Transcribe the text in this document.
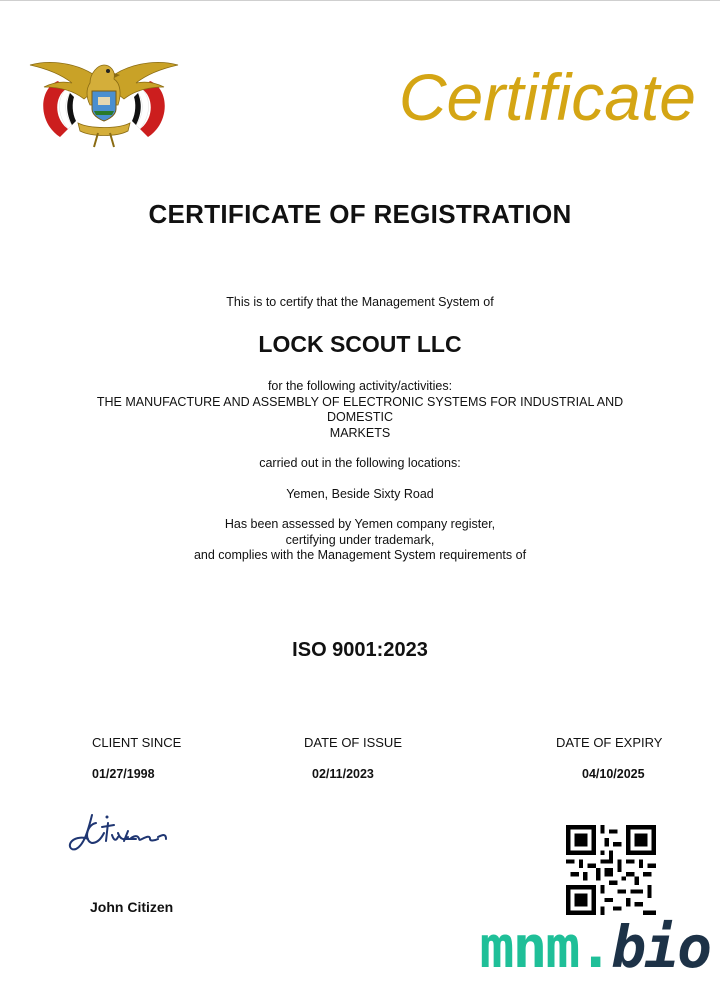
Certificate
CERTIFICATE OF REGISTRATION
This is to certify that the Management System of
LOCK SCOUT LLC
for the following activity/activities:
THE MANUFACTURE AND ASSEMBLY OF ELECTRONIC SYSTEMS FOR INDUSTRIAL AND
DOMESTIC
MARKETS
carried out in the following locations:
Yemen, Beside Sixty Road
Has been assessed by Yemen company register,
certifying under trademark,
and complies with the Management System requirements of
ISO 9001:2023
CLIENT SINCE	DATE OF ISSUE	DATE OF EXPIRY
01/27/1998	02/11/2023	04/10/2025
John Citizen
mnm.bio
